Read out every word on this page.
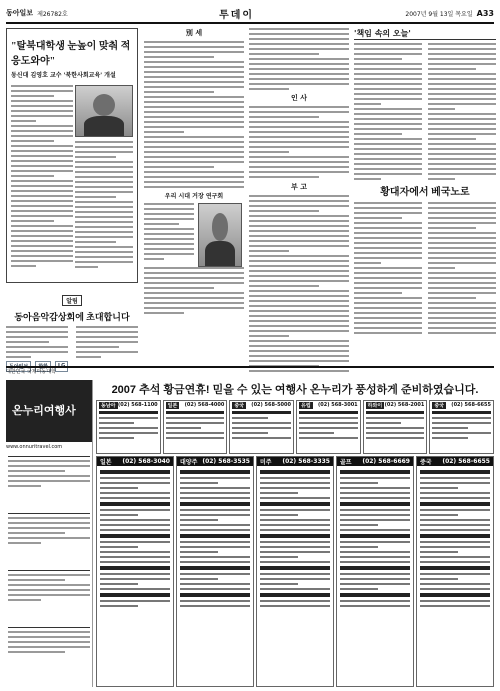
동아일보 제26782호	투데이	2007년 9월 13일 목요일 A33
"탈북대학생 눈높이 맞춰 적응도와야"
동신대 김영호 교수 '북한사회교육' 개설
알림
동아음악감상회에 초대합니다
동아일보	한화	LG
別 세
우리 시대 거장 연구회
인 사
부 고
'책임 속의 오늘'
황대자에서 베국노로
대한민국 국제마동대학
온누리여행사
www.onnuritravel.com
2007 추석 황금연휴! 믿을 수 있는 여행사 온누리가 풍성하게 준비하였습니다.
동남아 (02) 568-1100	일본	(02) 568-4000	중국	(02) 568-5000	유럽	(02) 568-3001	하와이 (02) 568-2001	중국	(02) 568-6655
일본 (02) 568-3040 대양주 (02) 568-3535 미주 (02) 568-3335 골프 (02) 568-6669 중국 (02) 568-6655
